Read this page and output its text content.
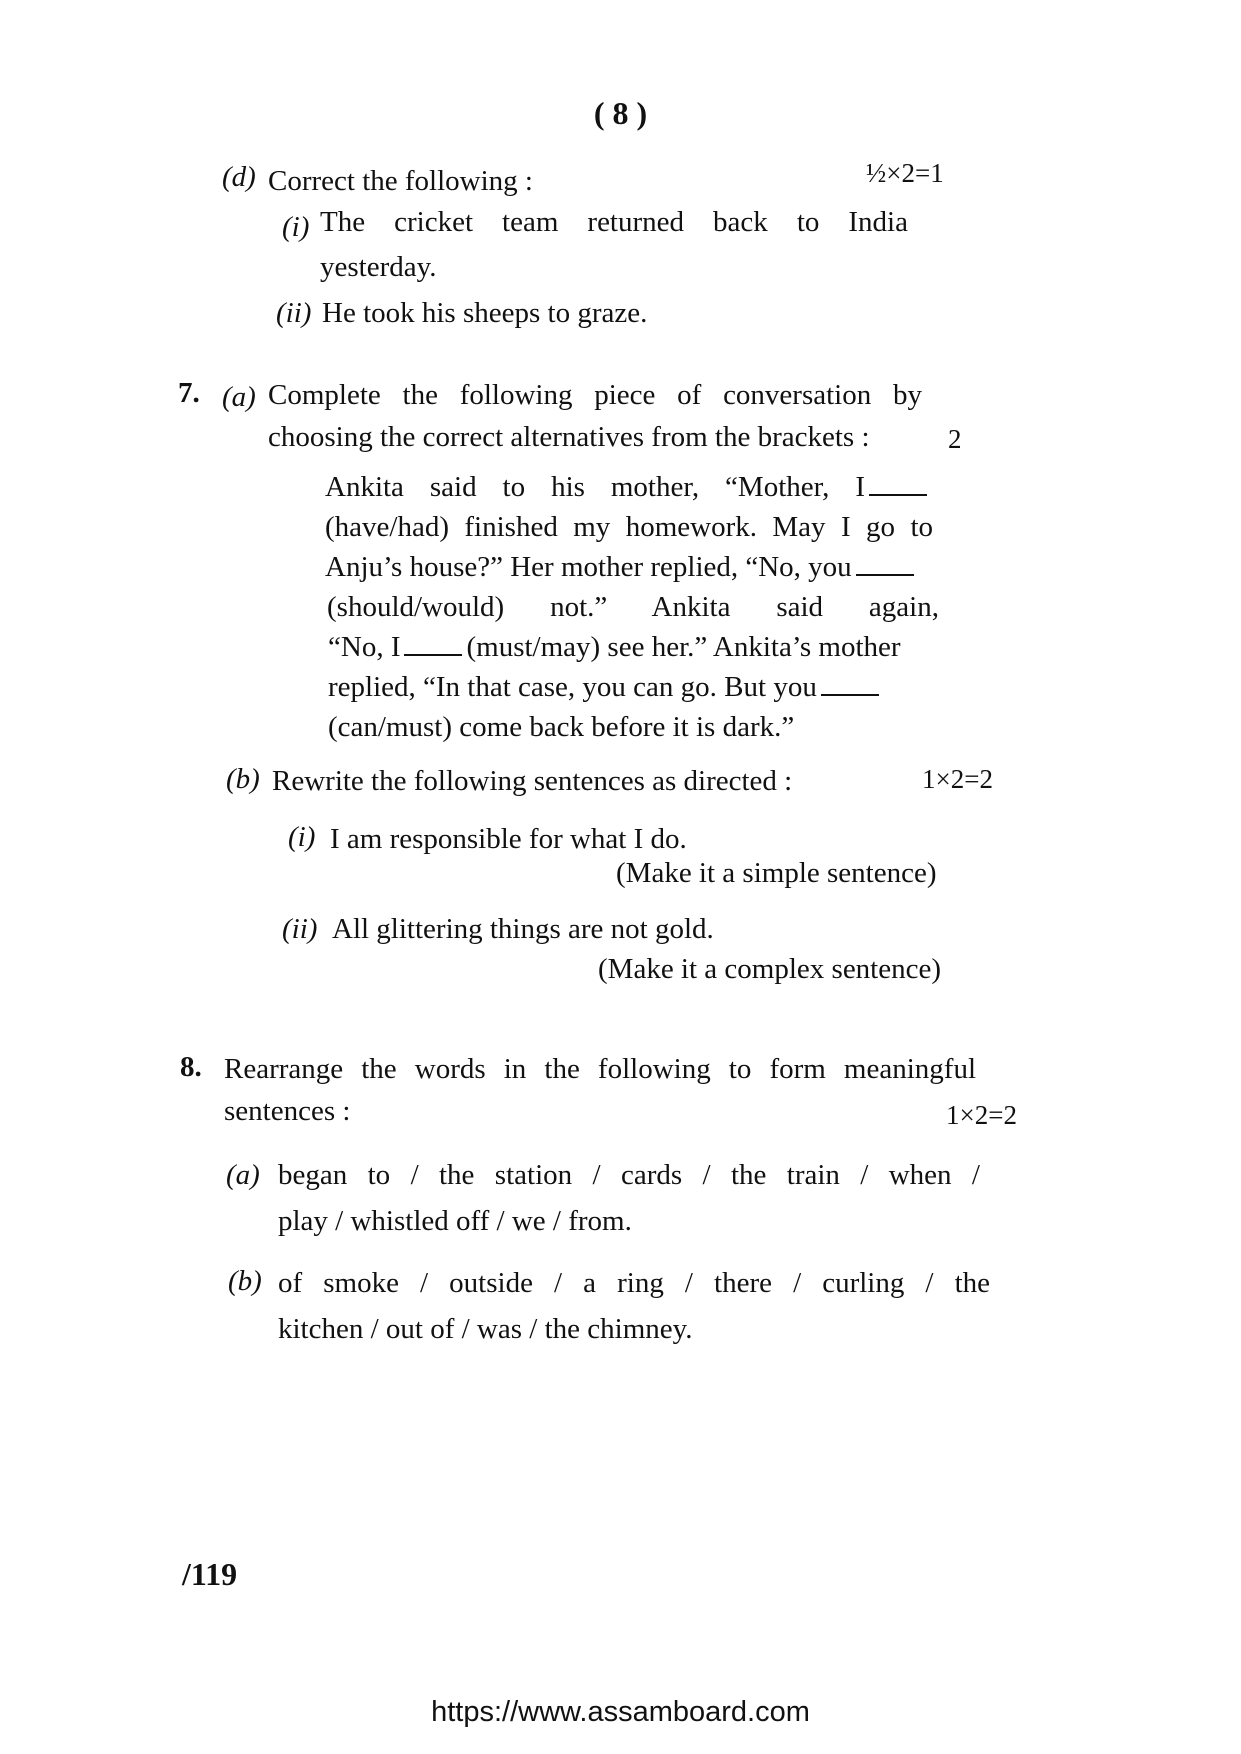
( 8 )
(d) Correct the following :	½×2=1
(i) The cricket team returned back to India
yesterday.
(ii) He took his sheeps to graze.
7. (a) Complete the following piece of conversation by
choosing the correct alternatives from the brackets :	2
Ankita said to his mother, “Mother, I
(have/had) finished my homework. May I go to
Anju’s house?” Her mother replied, “No, you
(should/would) not.” Ankita said again,
“No, I (must/may) see her.” Ankita’s mother
replied, “In that case, you can go. But you
(can/must) come back before it is dark.”
(b) Rewrite the following sentences as directed :	1×2=2
(i) I am responsible for what I do.
(Make it a simple sentence)
(ii) All glittering things are not gold.
(Make it a complex sentence)
8. Rearrange the words in the following to form meaningful
sentences :	1×2=2
(a) began to / the station / cards / the train / when /
play / whistled off / we / from.
(b) of smoke / outside / a ring / there / curling / the
kitchen / out of / was / the chimney.
/119
https://www.assamboard.com
